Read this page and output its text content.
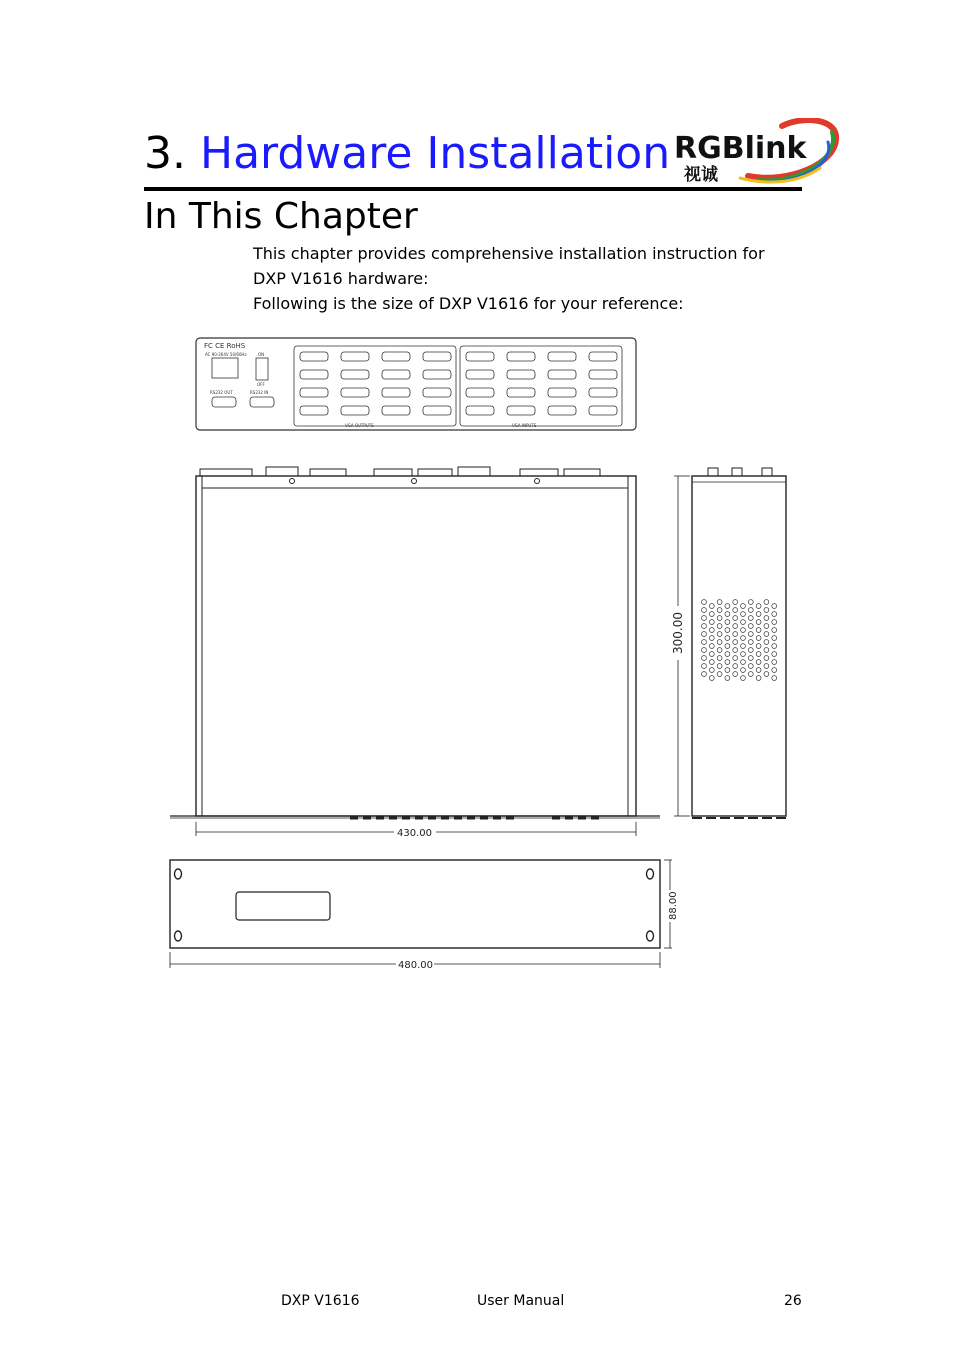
3. Hardware Installation RGBlink
视诚
In This Chapter
This chapter provides comprehensive installation instruction for
DXP V1616 hardware:
Following is the size of DXP V1616 for your reference:
FC CE RoHS
AC 90-264V 50/60Hz	ON
OFF
RS232 OUT	RS232 IN
VGA OUTPUTS	VGA INPUTS
430.00
300.00
88.00
480.00
DXP V1616	User Manual	26
